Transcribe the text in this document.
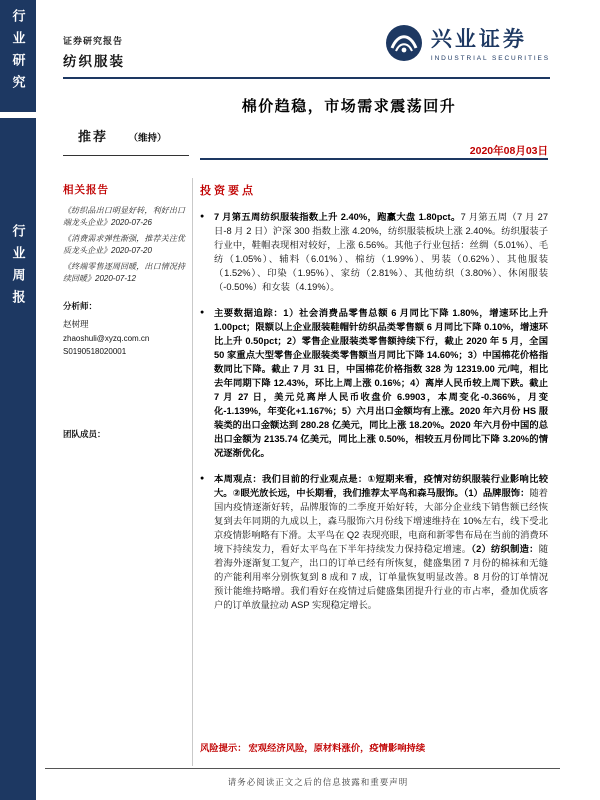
行业研究
行业周报
证券研究报告
纺织服装
兴业证券
INDUSTRIAL SECURITIES
棉价趋稳，市场需求震荡回升
推荐 （维持）
2020年08月03日
相关报告
《纺织品出口明显好转，利好出口端龙头企业》2020-07-26
《消费需求弹性渐强，推荐关注优质龙头企业》2020-07-20
《终端零售逐周回暖，出口情况持续回暖》2020-07-12
分析师：
赵树理
zhaoshuli@xyzq.com.cn
S0190518020001
团队成员：
投资要点
●	7 月第五周纺织服装指数上升 2.40%，跑赢大盘 1.80pct。7 月第五周（7 月 27 日-8 月 2 日）沪深 300 指数上涨 4.20%，纺织服装板块上涨 2.40%。纺织服装子行业中，鞋帽表现相对较好，上涨 6.56%。其他子行业包括：丝绸（5.01%）、毛纺（1.05%）、辅料（6.01%）、棉纺（1.99%）、男装（0.62%）、其他服装（1.52%）、印染（1.95%）、家纺（2.81%）、其他纺织（3.80%）、休闲服装（-0.50%）和女装（4.19%）。
●	主要数据追踪：1）社会消费品零售总额 6 月同比下降 1.80%，增速环比上升 1.00pct；限额以上企业服装鞋帽针纺织品类零售额 6 月同比下降 0.10%，增速环比上升 0.50pct；2）零售企业服装类零售额持续下行，截止 2020 年 5 月，全国 50 家重点大型零售企业服装类零售额当月同比下降 14.60%；3）中国棉花价格指数同比下降。截止 7 月 31 日，中国棉花价格指数 328 为 12319.00 元/吨，相比去年同期下降 12.43%，环比上周上涨 0.16%；4）离岸人民币较上周下跌。截止 7 月 27 日，美元兑离岸人民币收盘价 6.9903，本周变化-0.366%，月变化-1.139%，年变化+1.167%；5）六月出口金额均有上涨。2020 年六月份 HS 服装类的出口金额达到 280.28 亿美元，同比上涨 18.20%。2020 年六月份中国的总出口金额为 2135.74 亿美元，同比上涨 0.50%，相较五月份同比下降 3.20%的情况逐渐优化。
●	本周观点：我们目前的行业观点是：①短期来看，疫情对纺织服装行业影响比较大。②眼光放长远，中长期看，我们推荐太平鸟和森马服饰。（1）品牌服饰：随着国内疫情逐渐好转，品牌服饰的二季度开始好转，大部分企业线下销售额已经恢复到去年同期的九成以上，森马服饰六月份线下增速维持在 10%左右，线下受北京疫情影响略有下滑。太平鸟在 Q2 表现亮眼，电商和新零售布局在当前的消费环境下持续发力，看好太平鸟在下半年持续发力保持稳定增速。（2）纺织制造：随着海外逐渐复工复产，出口的订单已经有所恢复，健盛集团 7 月份的棉袜和无缝的产能利用率分别恢复到 8 成和 7 成，订单量恢复明显改善。8 月份的订单情况预计能维持略增。我们看好在疫情过后健盛集团提升行业的市占率，叠加优质客户的订单放量拉动 ASP 实现稳定增长。
风险提示： 宏观经济风险，原材料涨价，疫情影响持续
请务必阅读正文之后的信息披露和重要声明
